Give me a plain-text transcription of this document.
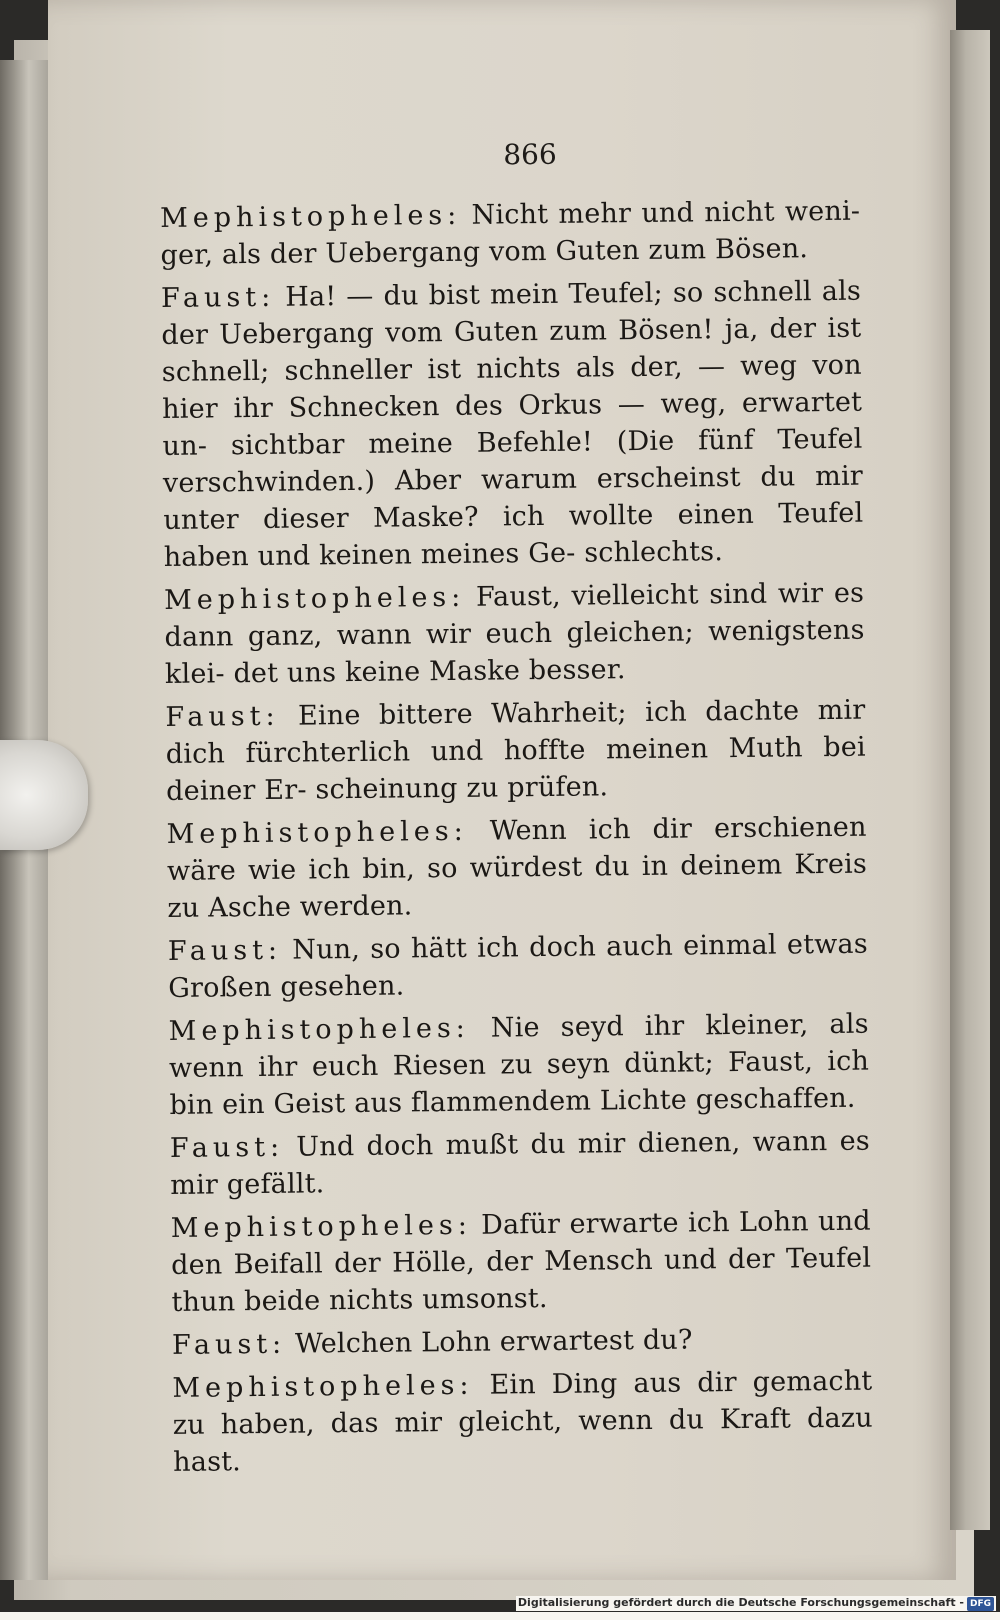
866

Mephistopheles: Nicht mehr und nicht weni- ger, als der Uebergang vom Guten zum Bösen.

Faust: Ha! — du bist mein Teufel; so schnell als der Uebergang vom Guten zum Bösen! ja, der ist schnell; schneller ist nichts als der, — weg von hier ihr Schnecken des Orkus — weg, erwartet un- sichtbar meine Befehle! (Die fünf Teufel verschwinden.) Aber warum erscheinst du mir unter dieser Maske? ich wollte einen Teufel haben und keinen meines Ge- schlechts.

Mephistopheles: Faust, vielleicht sind wir es dann ganz, wann wir euch gleichen; wenigstens klei- det uns keine Maske besser.

Faust: Eine bittere Wahrheit; ich dachte mir dich fürchterlich und hoffte meinen Muth bei deiner Er- scheinung zu prüfen.

Mephistopheles: Wenn ich dir erschienen wäre wie ich bin, so würdest du in deinem Kreis zu Asche werden.

Faust: Nun, so hätt ich doch auch einmal etwas Großen gesehen.

Mephistopheles: Nie seyd ihr kleiner, als wenn ihr euch Riesen zu seyn dünkt; Faust, ich bin ein Geist aus flammendem Lichte geschaffen.

Faust: Und doch mußt du mir dienen, wann es mir gefällt.

Mephistopheles: Dafür erwarte ich Lohn und den Beifall der Hölle, der Mensch und der Teufel thun beide nichts umsonst.

Faust: Welchen Lohn erwartest du?

Mephistopheles: Ein Ding aus dir gemacht zu haben, das mir gleicht, wenn du Kraft dazu hast.

Digitalisierung gefördert durch die Deutsche Forschungsgemeinschaft - DFG
